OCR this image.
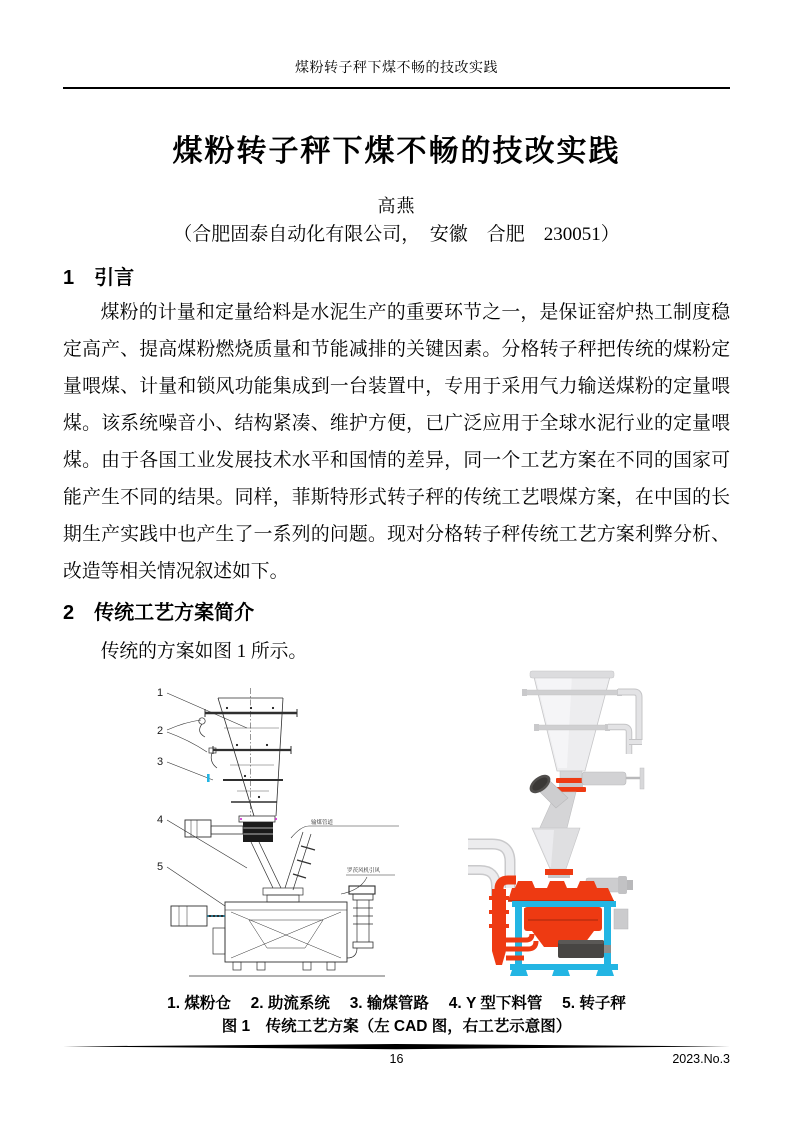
煤粉转子秤下煤不畅的技改实践
煤粉转子秤下煤不畅的技改实践
高燕
（合肥固泰自动化有限公司，　安徽　合肥　230051）
1　引言
煤粉的计量和定量给料是水泥生产的重要环节之一，是保证窑炉热工制度稳
定高产、提高煤粉燃烧质量和节能减排的关键因素。分格转子秤把传统的煤粉定
量喂煤、计量和锁风功能集成到一台装置中，专用于采用气力输送煤粉的定量喂
煤。该系统噪音小、结构紧凑、维护方便，已广泛应用于全球水泥行业的定量喂
煤。由于各国工业发展技术水平和国情的差异，同一个工艺方案在不同的国家可
能产生不同的结果。同样，菲斯特形式转子秤的传统工艺喂煤方案，在中国的长
期生产实践中也产生了一系列的问题。现对分格转子秤传统工艺方案利弊分析、
改造等相关情况叙述如下。
2　传统工艺方案简介
传统的方案如图 1 所示。
1
2
3
4
5
输煤管道
罗茨风机引风
1. 煤粉仓　 2. 助流系统　 3. 输煤管路　 4. Y 型下料管　 5. 转子秤
图 1　传统工艺方案（左 CAD 图，右工艺示意图）
16	2023.No.3
